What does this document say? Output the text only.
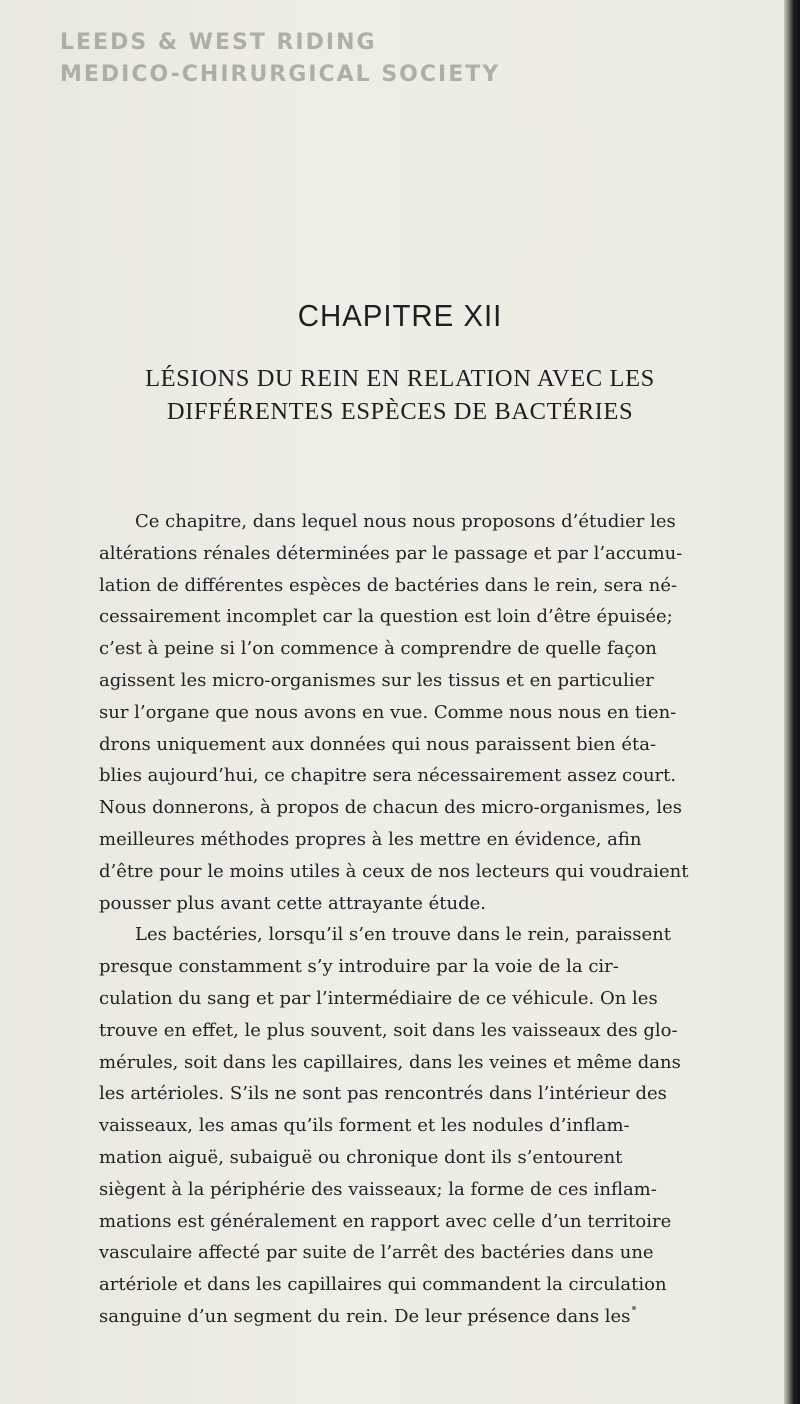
LEEDS & WEST RIDING
MEDICO-CHIRURGICAL SOCIETY
CHAPITRE XII
LÉSIONS DU REIN EN RELATION AVEC LES
DIFFÉRENTES ESPÈCES DE BACTÉRIES
Ce chapitre, dans lequel nous nous proposons d’étudier les
altérations rénales déterminées par le passage et par l’accumu-
lation de différentes espèces de bactéries dans le rein, sera né-
cessairement incomplet car la question est loin d’être épuisée;
c’est à peine si l’on commence à comprendre de quelle façon
agissent les micro-organismes sur les tissus et en particulier
sur l’organe que nous avons en vue. Comme nous nous en tien-
drons uniquement aux données qui nous paraissent bien éta-
blies aujourd’hui, ce chapitre sera nécessairement assez court.
Nous donnerons, à propos de chacun des micro-organismes, les
meilleures méthodes propres à les mettre en évidence, afin
d’être pour le moins utiles à ceux de nos lecteurs qui voudraient
pousser plus avant cette attrayante étude.
Les bactéries, lorsqu’il s’en trouve dans le rein, paraissent
presque constamment s’y introduire par la voie de la cir-
culation du sang et par l’intermédiaire de ce véhicule. On les
trouve en effet, le plus souvent, soit dans les vaisseaux des glo-
mérules, soit dans les capillaires, dans les veines et même dans
les artérioles. S’ils ne sont pas rencontrés dans l’intérieur des
vaisseaux, les amas qu’ils forment et les nodules d’inflam-
mation aiguë, subaiguë ou chronique dont ils s’entourent
siègent à la périphérie des vaisseaux; la forme de ces inflam-
mations est généralement en rapport avec celle d’un territoire
vasculaire affecté par suite de l’arrêt des bactéries dans une
artériole et dans les capillaires qui commandent la circulation
sanguine d’un segment du rein. De leur présence dans les
